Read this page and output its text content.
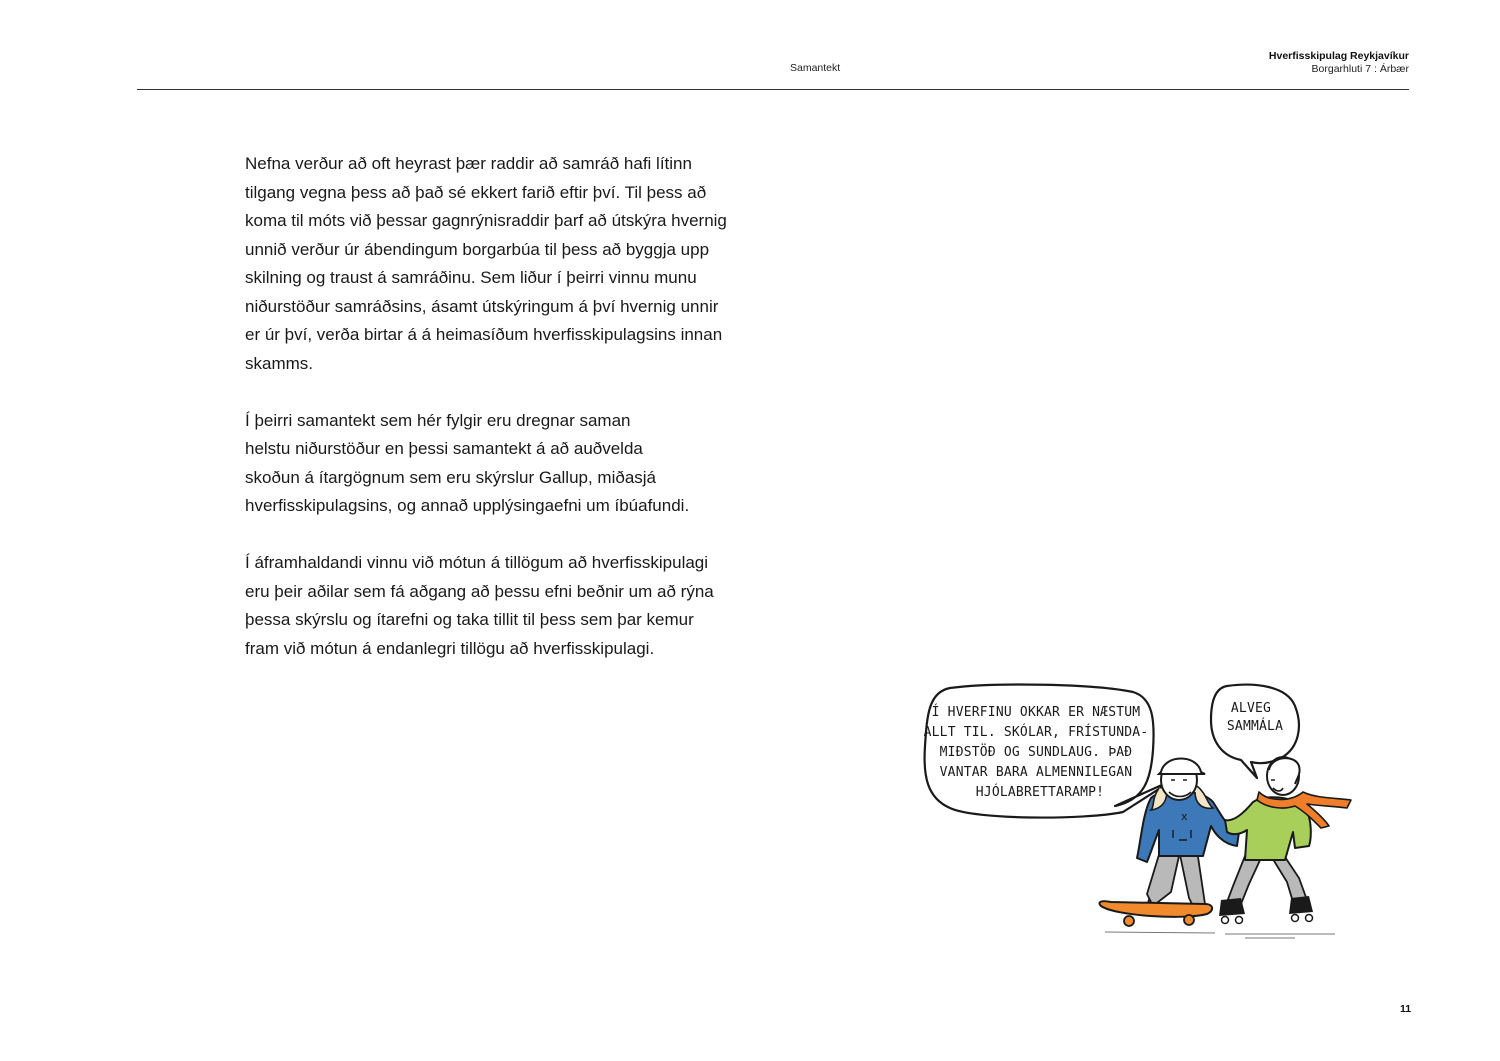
Samantekt
Hverfisskipulag Reykjavíkur
Borgarhluti 7 : Árbær

Nefna verður að oft heyrast þær raddir að samráð hafi lítinn
tilgang vegna þess að það sé ekkert farið eftir því. Til þess að
koma til móts við þessar gagnrýnisraddir þarf að útskýra hvernig
unnið verður úr ábendingum borgarbúa til þess að byggja upp
skilning og traust á samráðinu. Sem liður í þeirri vinnu munu
niðurstöður samráðsins, ásamt útskýringum á því hvernig unnir
er úr því, verða birtar á á heimasíðum hverfisskipulagsins innan
skamms.

Í þeirri samantekt sem hér fylgir eru dregnar saman
helstu niðurstöður en þessi samantekt á að auðvelda
skoðun á ítargögnum sem eru skýrslur Gallup, miðasjá
hverfisskipulagsins, og annað upplýsingaefni um íbúafundi.

Í áframhaldandi vinnu við mótun á tillögum að hverfisskipulagi
eru þeir aðilar sem fá aðgang að þessu efni beðnir um að rýna
þessa skýrslu og ítarefni og taka tillit til þess sem þar kemur
fram við mótun á endanlegri tillögu að hverfisskipulagi.

Í HVERFINU OKKAR ER NÆSTUM ALLT TIL. SKÓLAR, FRÍSTUNDA- MIÐSTÖÐ OG SUNDLAUG. ÞAÐ VANTAR BARA ALMENNILEGAN HJÓLABRETTARAMP!
ALVEG SAMMÁLA
x
11
